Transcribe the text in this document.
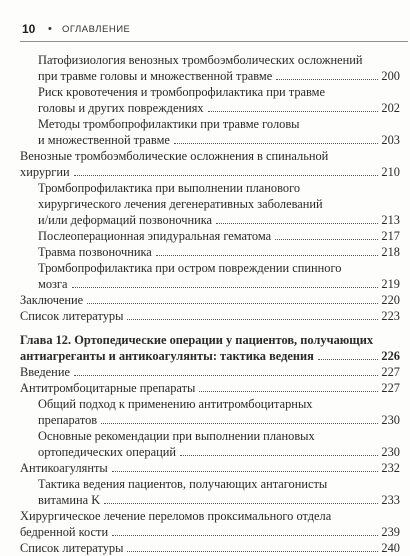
10 • ОГЛАВЛЕНИЕ
Патофизиология венозных тромбоэмболических осложнений
при травме головы и множественной травме	200
Риск кровотечения и тромбопрофилактика при травме
головы и других повреждениях	202
Методы тромбопрофилактики при травме головы
и множественной травме	203
Венозные тромбоэмболические осложнения в спинальной
хирургии	210
Тромбопрофилактика при выполнении планового
хирургического лечения дегенеративных заболеваний
и/или деформаций позвоночника	213
Послеоперационная эпидуральная гематома	217
Травма позвоночника	218
Тромбопрофилактика при остром повреждении спинного
мозга	219
Заключение	220
Список литературы	223
Глава 12. Ортопедические операции у пациентов, получающих
антиагреганты и антикоагулянты: тактика ведения	226
Введение	227
Антитромбоцитарные препараты	227
Общий подход к применению антитромбоцитарных
препаратов	230
Основные рекомендации при выполнении плановых
ортопедических операций	230
Антикоагулянты	232
Тактика ведения пациентов, получающих антагонисты
витамина K	233
Хирургическое лечение переломов проксимального отдела
бедренной кости	239
Список литературы	240
